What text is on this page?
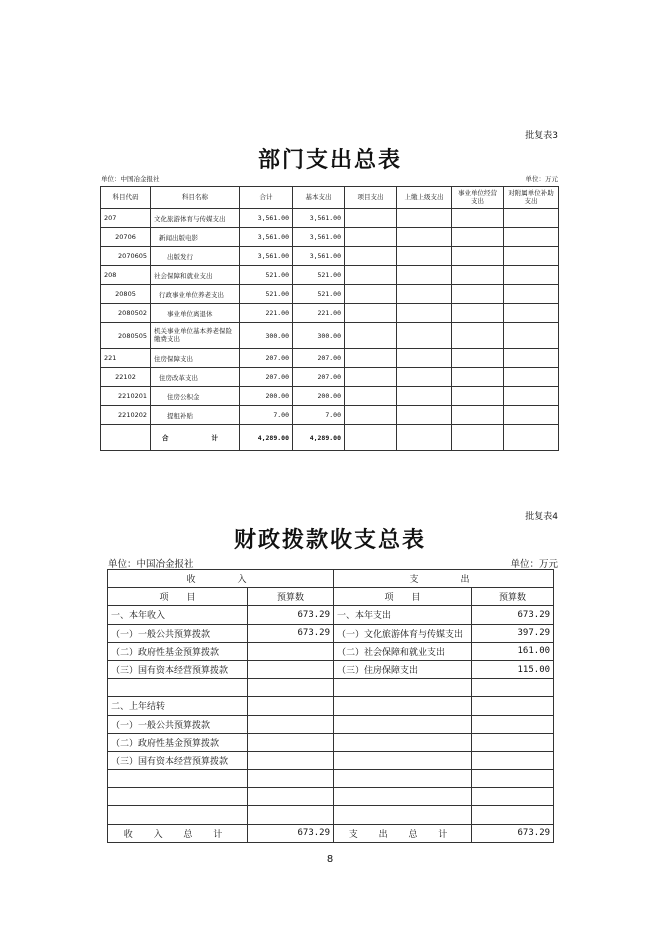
批复表3
部门支出总表
单位：中国冶金报社	单位：万元
科目代码	科目名称	合计	基本支出	项目支出	上缴上级支出	事业单位经营支出	对附属单位补助支出
207	文化旅游体育与传媒支出	3,561.00	3,561.00				
20706	新闻出版电影	3,561.00	3,561.00				
2070605	出版发行	3,561.00	3,561.00				
208	社会保障和就业支出	521.00	521.00				
20805	行政事业单位养老支出	521.00	521.00				
2080502	事业单位离退休	221.00	221.00				
2080505	机关事业单位基本养老保险缴费支出	300.00	300.00				
221	住房保障支出	207.00	207.00				
22102	住房改革支出	207.00	207.00				
2210201	住房公积金	200.00	200.00				
2210202	提租补贴	7.00	7.00				
	合　　计	4,289.00	4,289.00				
批复表4
财政拨款收支总表
单位：中国冶金报社	单位：万元
收　　入		支　　出	
项　　目	预算数	项　　目	预算数
一、本年收入	673.29	一、本年支出	673.29
（一）一般公共预算拨款	673.29	（一）文化旅游体育与传媒支出	397.29
（二）政府性基金预算拨款		（二）社会保障和就业支出	161.00
（三）国有资本经营预算拨款		（三）住房保障支出	115.00

二、上年结转			
（一）一般公共预算拨款			
（二）政府性基金预算拨款			
（三）国有资本经营预算拨款			

收 入 总 计	673.29	支 出 总 计	673.29
8
